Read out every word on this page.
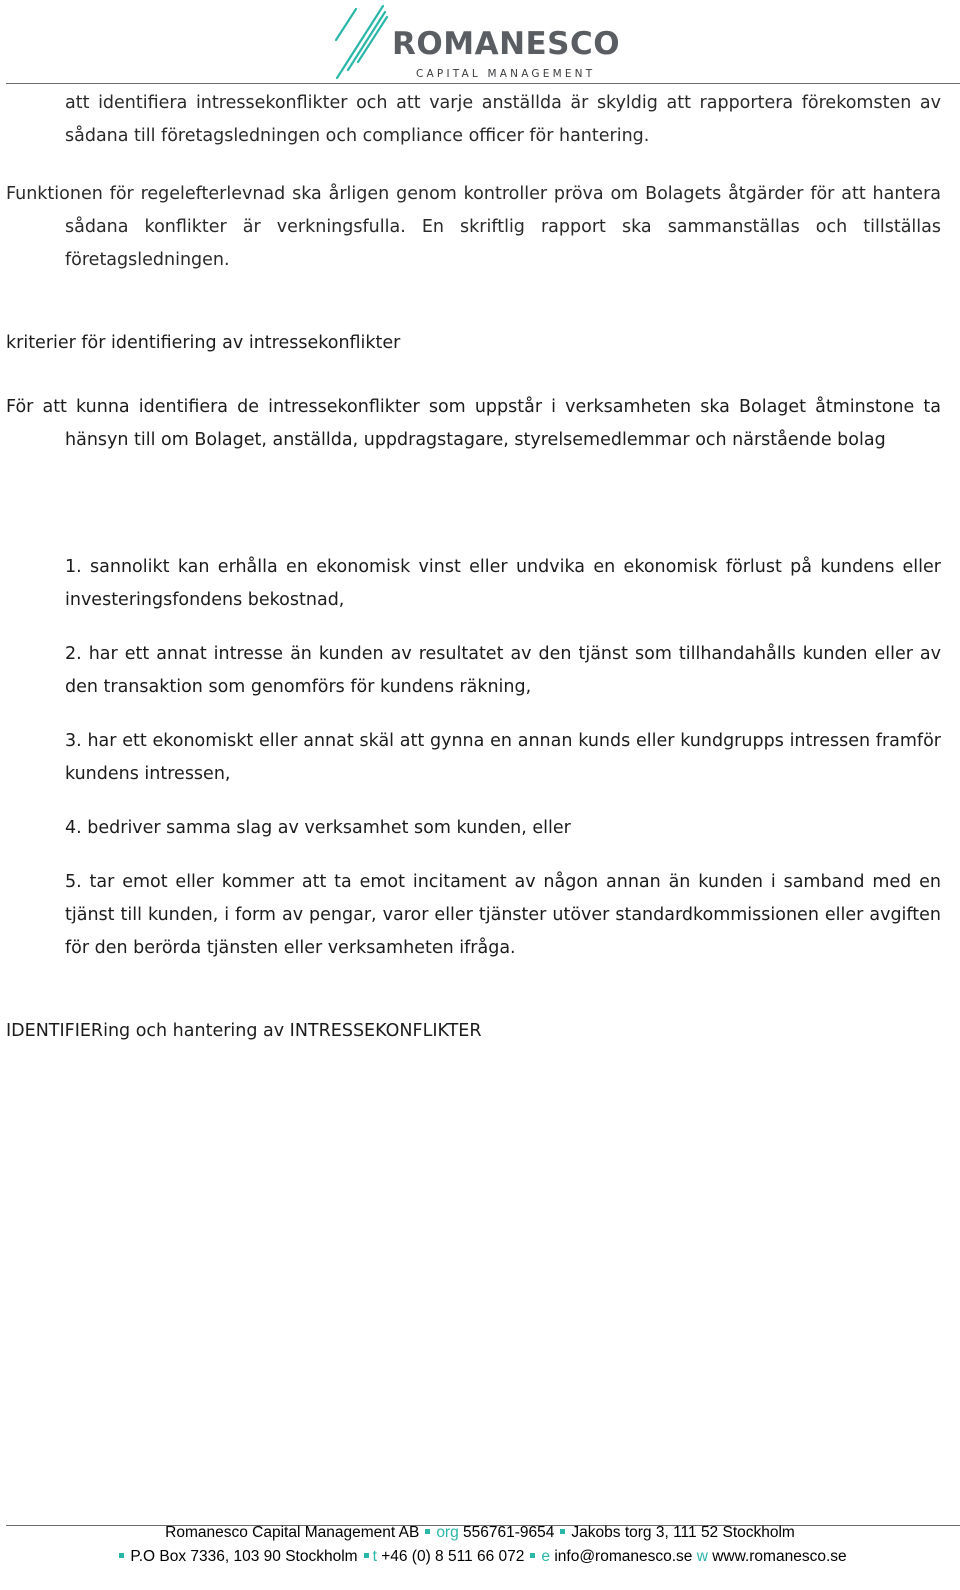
ROMANESCO
CAPITAL MANAGEMENT

att identifiera intressekonflikter och att varje anställda är skyldig att rapportera förekomsten av sådana till företagsledningen och compliance officer för hantering.

Funktionen för regelefterlevnad ska årligen genom kontroller pröva om Bolagets åtgärder för att hantera sådana konflikter är verkningsfulla. En skriftlig rapport ska sammanställas och tillställas företagsledningen.

kriterier för identifiering av intressekonflikter

För att kunna identifiera de intressekonflikter som uppstår i verksamheten ska Bolaget åtminstone ta hänsyn till om Bolaget, anställda, uppdragstagare, styrelsemedlemmar och närstående bolag

1. sannolikt kan erhålla en ekonomisk vinst eller undvika en ekonomisk förlust på kundens eller investeringsfondens bekostnad,

2. har ett annat intresse än kunden av resultatet av den tjänst som tillhandahålls kunden eller av den transaktion som genomförs för kundens räkning,

3. har ett ekonomiskt eller annat skäl att gynna en annan kunds eller kundgrupps intressen framför kundens intressen,

4. bedriver samma slag av verksamhet som kunden, eller

5. tar emot eller kommer att ta emot incitament av någon annan än kunden i samband med en tjänst till kunden, i form av pengar, varor eller tjänster utöver standardkommissionen eller avgiften för den berörda tjänsten eller verksamheten ifråga.

IDENTIFIERing och hantering av INTRESSEKONFLIKTER
Romanesco Capital Management AB org 556761-9654 Jakobs torg 3, 111 52 Stockholm
P.O Box 7336, 103 90 Stockholm t +46 (0) 8 511 66 072 e info@romanesco.se w www.romanesco.se
